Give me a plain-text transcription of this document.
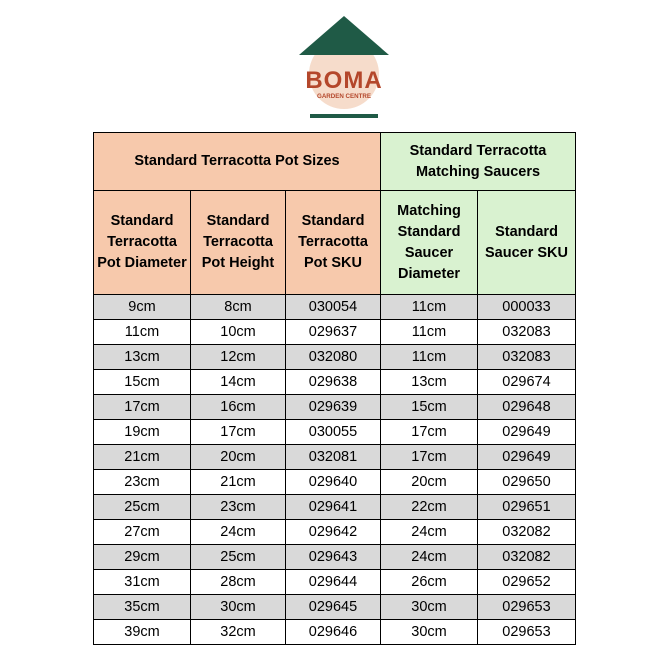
BOMA
GARDEN CENTRE
Standard Terracotta Pot Sizes			Standard Terracotta Matching Saucers	
Standard Terracotta Pot Diameter	Standard Terracotta Pot Height	Standard Terracotta Pot SKU	Matching Standard Saucer Diameter	Standard Saucer SKU
9cm	8cm	030054	11cm	000033
11cm	10cm	029637	11cm	032083
13cm	12cm	032080	11cm	032083
15cm	14cm	029638	13cm	029674
17cm	16cm	029639	15cm	029648
19cm	17cm	030055	17cm	029649
21cm	20cm	032081	17cm	029649
23cm	21cm	029640	20cm	029650
25cm	23cm	029641	22cm	029651
27cm	24cm	029642	24cm	032082
29cm	25cm	029643	24cm	032082
31cm	28cm	029644	26cm	029652
35cm	30cm	029645	30cm	029653
39cm	32cm	029646	30cm	029653
